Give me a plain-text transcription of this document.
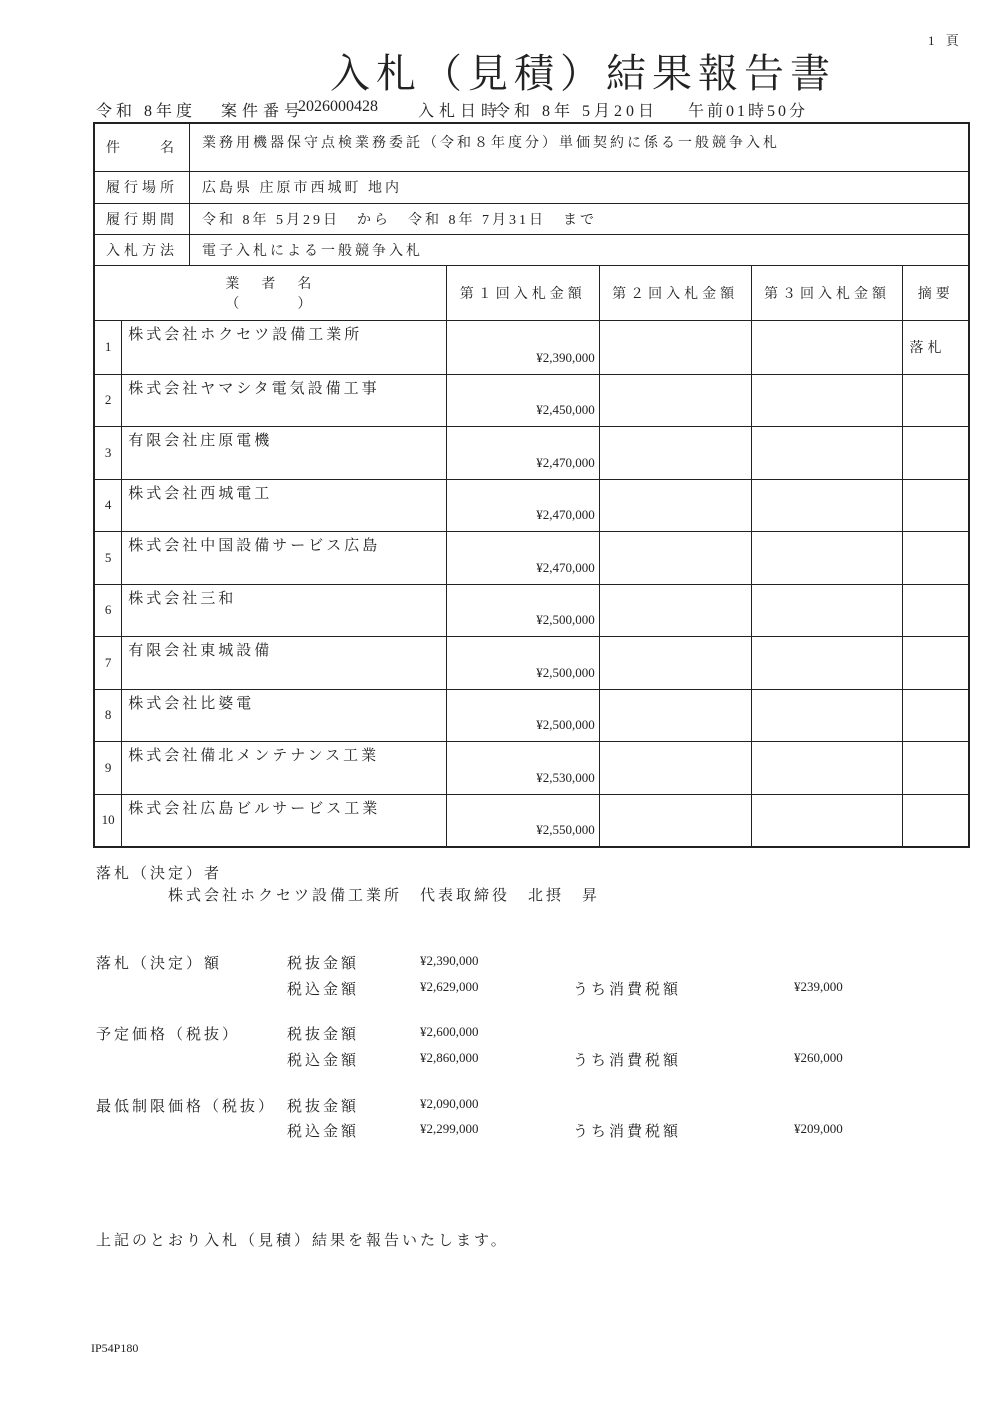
1 頁
入札（見積）結果報告書
令和 8年度 案件番号
2026000428	入札日時
令和 8年 5月20日 午前01時50分
件　　名		業務用機器保守点検業務委託（令和８年度分）単価契約に係る一般競争入札				
履行場所		広島県 庄原市西城町 地内				
履行期間		令和 8年 5月29日　から　令和 8年 7月31日　まで				
入札方法		電子入札による一般競争入札				

業　者　名
（　　　）			第１回入札金額	第２回入札金額	第３回入札金額	摘要
1	株式会社ホクセツ設備工業所		¥2,390,000			落札
2	株式会社ヤマシタ電気設備工事		¥2,450,000			
3	有限会社庄原電機		¥2,470,000			
4	株式会社西城電工		¥2,470,000			
5	株式会社中国設備サービス広島		¥2,470,000			
6	株式会社三和		¥2,500,000			
7	有限会社東城設備		¥2,500,000			
8	株式会社比婆電		¥2,500,000			
9	株式会社備北メンテナンス工業		¥2,530,000			
10	株式会社広島ビルサービス工業		¥2,550,000			
落札（決定）者
株式会社ホクセツ設備工業所　代表取締役　北摂　昇
落札（決定）額	税抜金額	¥2,390,000
税込金額	¥2,629,000	うち消費税額	¥239,000
予定価格（税抜）	税抜金額	¥2,600,000
税込金額	¥2,860,000	うち消費税額	¥260,000
最低制限価格（税抜） 税抜金額	¥2,090,000
税込金額	¥2,299,000	うち消費税額	¥209,000
上記のとおり入札（見積）結果を報告いたします。
IP54P180
